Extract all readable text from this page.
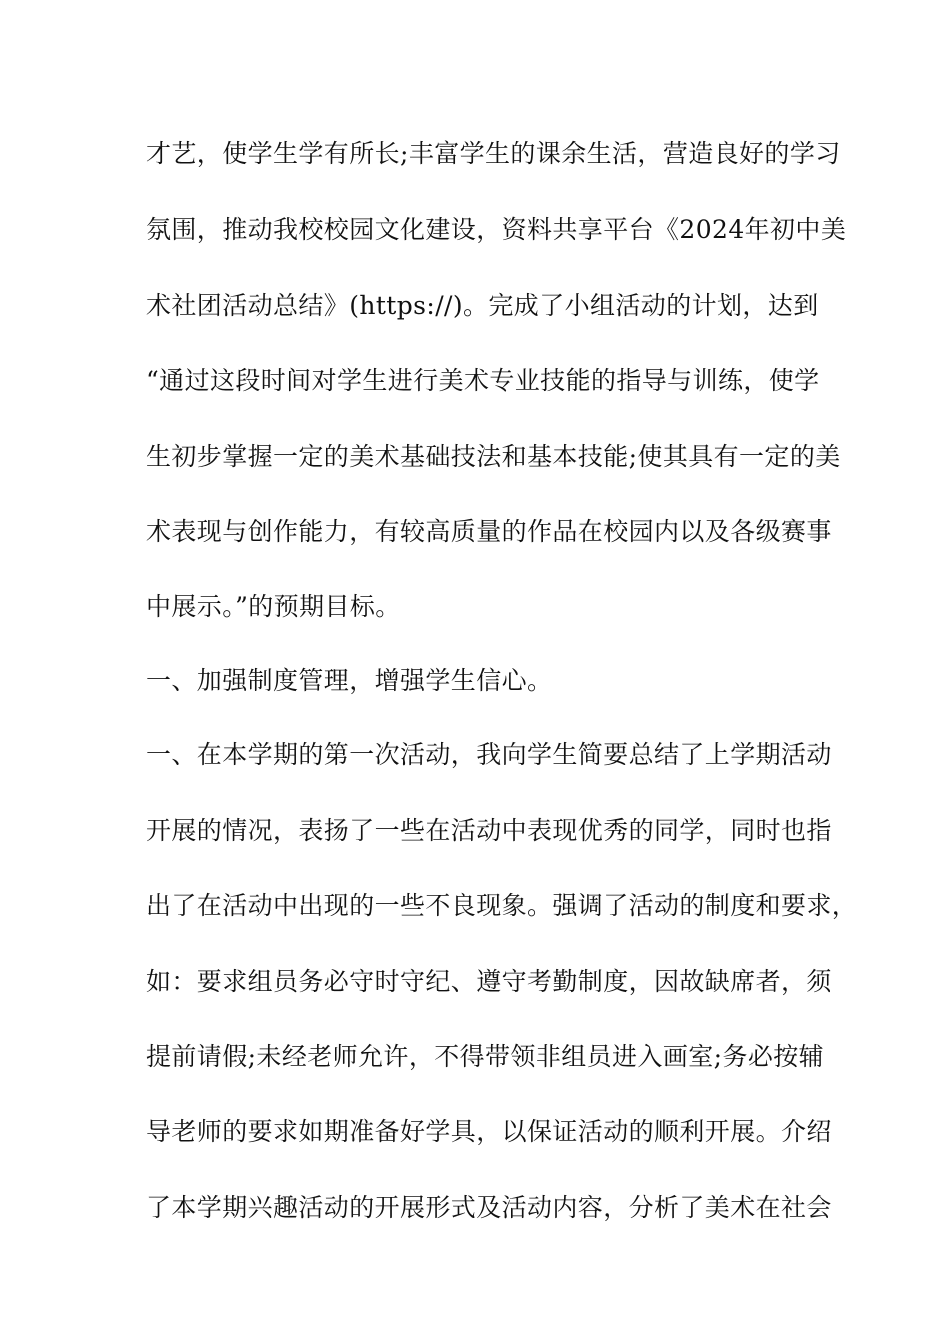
才艺，使学生学有所长;丰富学生的课余生活，营造良好的学习

氛围，推动我校校园文化建设，资料共享平台《2024年初中美

术社团活动总结》(https://)。完成了小组活动的计划，达到

“通过这段时间对学生进行美术专业技能的指导与训练，使学

生初步掌握一定的美术基础技法和基本技能;使其具有一定的美

术表现与创作能力，有较高质量的作品在校园内以及各级赛事

中展示。”的预期目标。

一、加强制度管理，增强学生信心。

一、在本学期的第一次活动，我向学生简要总结了上学期活动

开展的情况，表扬了一些在活动中表现优秀的同学，同时也指

出了在活动中出现的一些不良现象。强调了活动的制度和要求，

如：要求组员务必守时守纪、遵守考勤制度，因故缺席者，须

提前请假;未经老师允许，不得带领非组员进入画室;务必按辅

导老师的要求如期准备好学具，以保证活动的顺利开展。介绍

了本学期兴趣活动的开展形式及活动内容，分析了美术在社会
